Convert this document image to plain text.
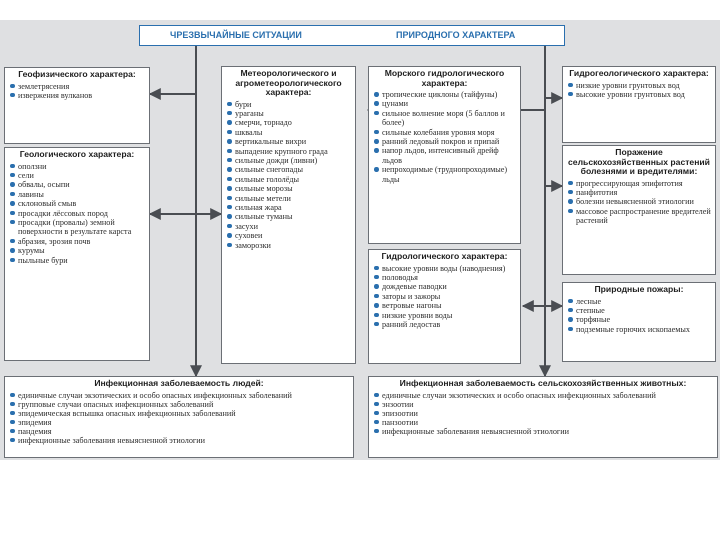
ЧРЕЗВЫЧАЙНЫЕ СИТУАЦИИ	ПРИРОДНОГО ХАРАКТЕРА
Геофизического характера:
землетрясения
извержения вулканов
Геологического характера:
оползни
сели
обвалы, осыпи
лавины
склоновый смыв
просадки лёссовых пород
просадки (провалы) земной поверхности в результате карста
абразия, эрозия почв
курумы
пыльные бури
Метеорологического и агрометеорологического характера:
бури
ураганы
смерчи, торнадо
шквалы
вертикальные вихри
выпадение крупного града
сильные дожди (ливни)
сильные снегопады
сильные гололёды
сильные морозы
сильные метели
сильная жара
сильные туманы
засухи
суховеи
заморозки
Морского гидрологического характера:
тропические циклоны (тайфуны)
цунами
сильное волнение моря (5 баллов и более)
сильные колебания уровня моря
ранний ледовый покров и припай
напор льдов, интенсивный дрейф льдов
непроходимые (труднопроходимые) льды
Гидрологического характера:
высокие уровни воды (наводнения)
половодья
дождевые паводки
заторы и зажоры
ветровые нагоны
низкие уровни воды
ранний ледостав
Гидрогеологического характера:
низкие уровни грунтовых вод
высокие уровни грунтовых вод
Поражение сельскохозяйственных растений болезнями и вредителями:
прогрессирующая эпифитотия
панфитотия
болезни невыясненной этиологии
массовое распространение вредителей растений
Природные пожары:
лесные
степные
торфяные
подземные горючих ископаемых
Инфекционная заболеваемость людей:
единичные случаи экзотических и особо опасных инфекционных заболеваний
групповые случаи опасных инфекционных заболеваний
эпидемическая вспышка опасных инфекционных заболеваний
эпидемия
пандемия
инфекционные заболевания невыясненной этиологии
Инфекционная заболеваемость сельскохозяйственных животных:
единичные случаи экзотических и особо опасных инфекционных заболеваний
энзоотии
эпизоотии
панзоотии
инфекционные заболевания невыясненной этиологии
